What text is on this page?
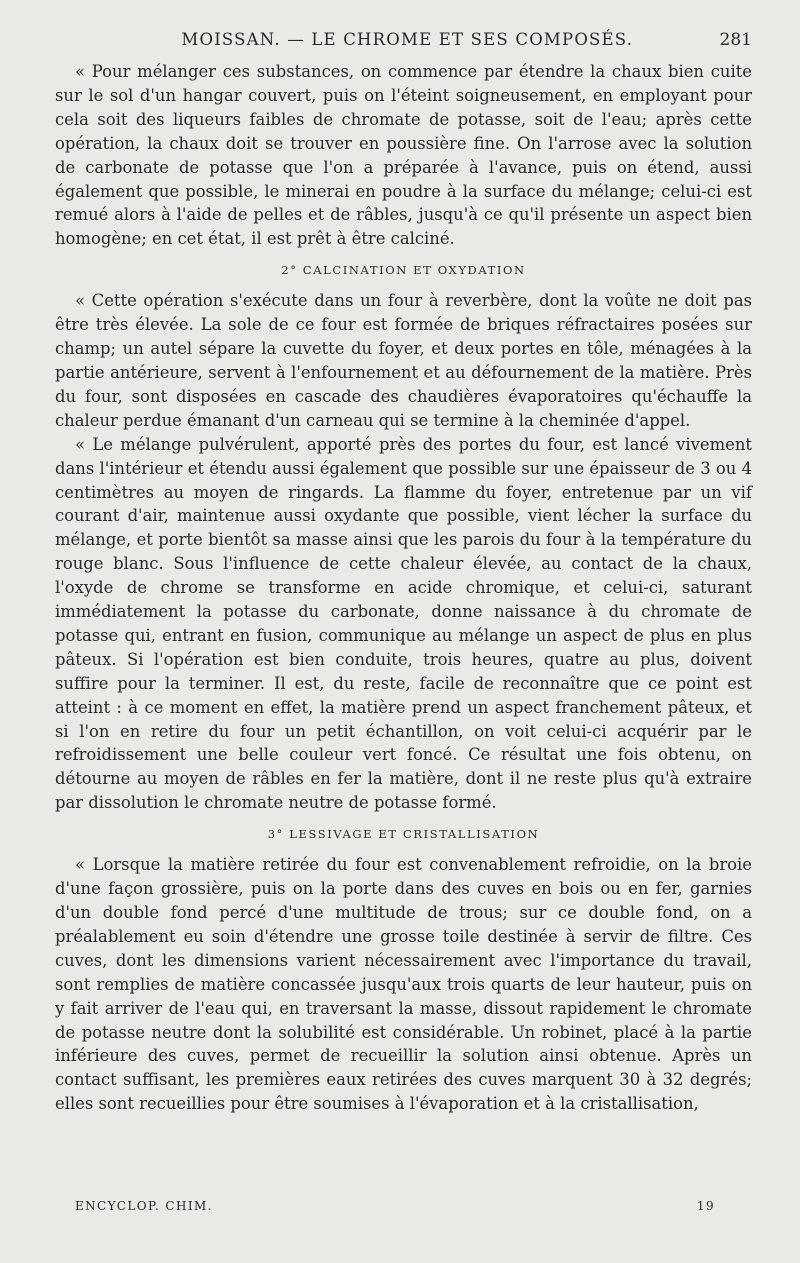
MOISSAN. — LE CHROME ET SES COMPOSÉS.	281

« Pour mélanger ces substances, on commence par étendre la chaux bien cuite sur le sol d'un hangar couvert, puis on l'éteint soigneusement, en employant pour cela soit des liqueurs faibles de chromate de potasse, soit de l'eau; après cette opération, la chaux doit se trouver en poussière fine. On l'arrose avec la solution de carbonate de potasse que l'on a préparée à l'avance, puis on étend, aussi également que possible, le minerai en poudre à la surface du mélange; celui-ci est remué alors à l'aide de pelles et de râbles, jusqu'à ce qu'il présente un aspect bien homogène; en cet état, il est prêt à être calciné.

2° CALCINATION ET OXYDATION

« Cette opération s'exécute dans un four à reverbère, dont la voûte ne doit pas être très élevée. La sole de ce four est formée de briques réfractaires posées sur champ; un autel sépare la cuvette du foyer, et deux portes en tôle, ménagées à la partie antérieure, servent à l'enfournement et au défournement de la matière. Près du four, sont disposées en cascade des chaudières évaporatoires qu'échauffe la chaleur perdue émanant d'un carneau qui se termine à la cheminée d'appel.

« Le mélange pulvérulent, apporté près des portes du four, est lancé vivement dans l'intérieur et étendu aussi également que possible sur une épaisseur de 3 ou 4 centimètres au moyen de ringards. La flamme du foyer, entretenue par un vif courant d'air, maintenue aussi oxydante que possible, vient lécher la surface du mélange, et porte bientôt sa masse ainsi que les parois du four à la température du rouge blanc. Sous l'influence de cette chaleur élevée, au contact de la chaux, l'oxyde de chrome se transforme en acide chromique, et celui-ci, saturant immédiatement la potasse du carbonate, donne naissance à du chromate de potasse qui, entrant en fusion, communique au mélange un aspect de plus en plus pâteux. Si l'opération est bien conduite, trois heures, quatre au plus, doivent suffire pour la terminer. Il est, du reste, facile de reconnaître que ce point est atteint : à ce moment en effet, la matière prend un aspect franchement pâteux, et si l'on en retire du four un petit échantillon, on voit celui-ci acquérir par le refroidissement une belle couleur vert foncé. Ce résultat une fois obtenu, on détourne au moyen de râbles en fer la matière, dont il ne reste plus qu'à extraire par dissolution le chromate neutre de potasse formé.

3° LESSIVAGE ET CRISTALLISATION

« Lorsque la matière retirée du four est convenablement refroidie, on la broie d'une façon grossière, puis on la porte dans des cuves en bois ou en fer, garnies d'un double fond percé d'une multitude de trous; sur ce double fond, on a préalablement eu soin d'étendre une grosse toile destinée à servir de filtre. Ces cuves, dont les dimensions varient nécessairement avec l'importance du travail, sont remplies de matière concassée jusqu'aux trois quarts de leur hauteur, puis on y fait arriver de l'eau qui, en traversant la masse, dissout rapidement le chromate de potasse neutre dont la solubilité est considérable. Un robinet, placé à la partie inférieure des cuves, permet de recueillir la solution ainsi obtenue. Après un contact suffisant, les premières eaux retirées des cuves marquent 30 à 32 degrés; elles sont recueillies pour être soumises à l'évaporation et à la cristallisation,

ENCYCLOP. CHIM.	19
